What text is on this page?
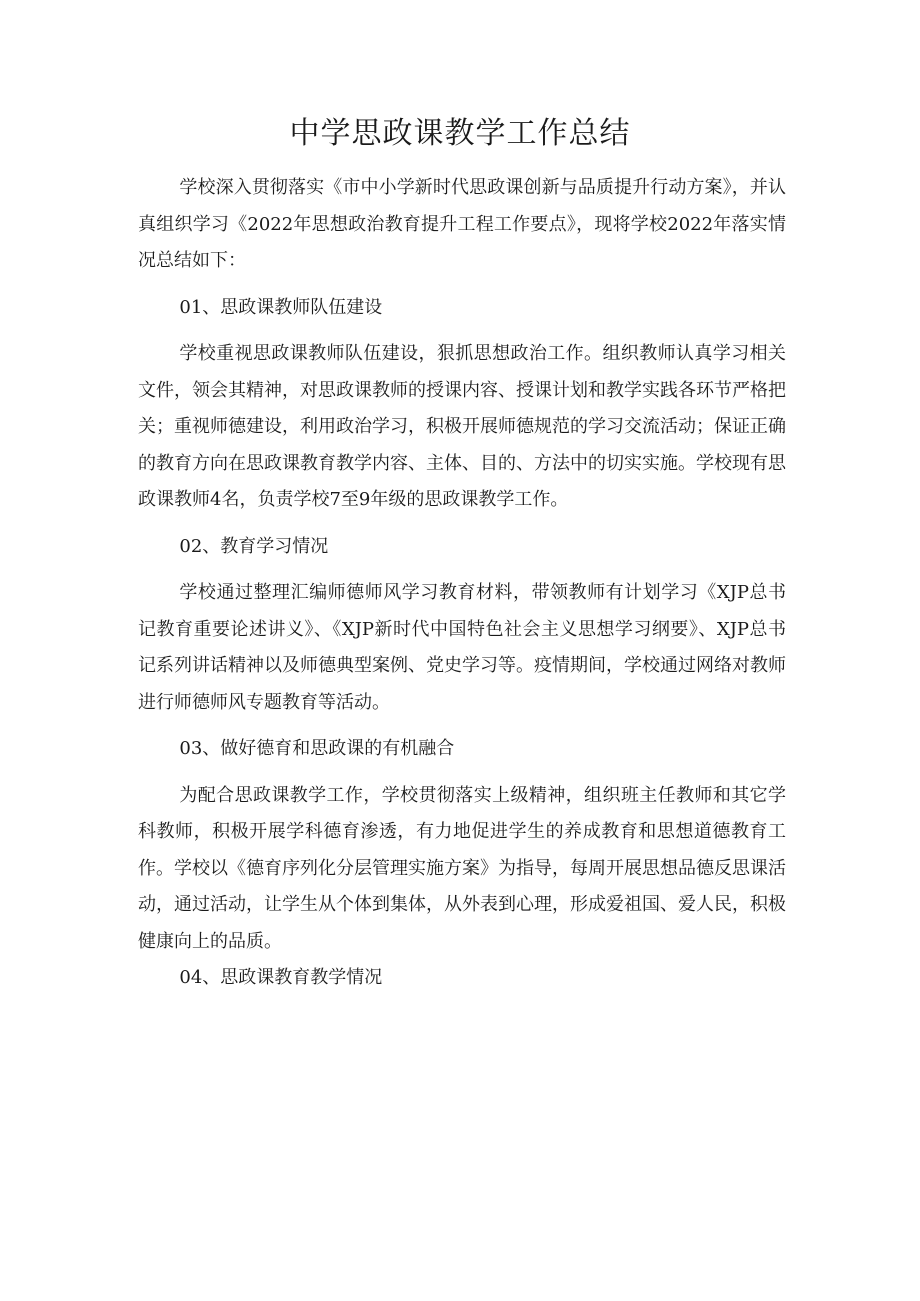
中学思政课教学工作总结

学校深入贯彻落实《市中小学新时代思政课创新与品质提升行动方案》，并认真组织学习《2022年思想政治教育提升工程工作要点》，现将学校2022年落实情况总结如下：

01、思政课教师队伍建设

学校重视思政课教师队伍建设，狠抓思想政治工作。组织教师认真学习相关文件，领会其精神，对思政课教师的授课内容、授课计划和教学实践各环节严格把关；重视师德建设，利用政治学习，积极开展师德规范的学习交流活动；保证正确的教育方向在思政课教育教学内容、主体、目的、方法中的切实实施。学校现有思政课教师4名，负责学校7至9年级的思政课教学工作。

02、教育学习情况

学校通过整理汇编师德师风学习教育材料，带领教师有计划学习《XJP总书记教育重要论述讲义》、《XJP新时代中国特色社会主义思想学习纲要》、XJP总书记系列讲话精神以及师德典型案例、党史学习等。疫情期间，学校通过网络对教师进行师德师风专题教育等活动。

03、做好德育和思政课的有机融合

为配合思政课教学工作，学校贯彻落实上级精神，组织班主任教师和其它学科教师，积极开展学科德育渗透，有力地促进学生的养成教育和思想道德教育工作。学校以《德育序列化分层管理实施方案》为指导，每周开展思想品德反思课活动，通过活动，让学生从个体到集体，从外表到心理，形成爱祖国、爱人民，积极健康向上的品质。

04、思政课教育教学情况
